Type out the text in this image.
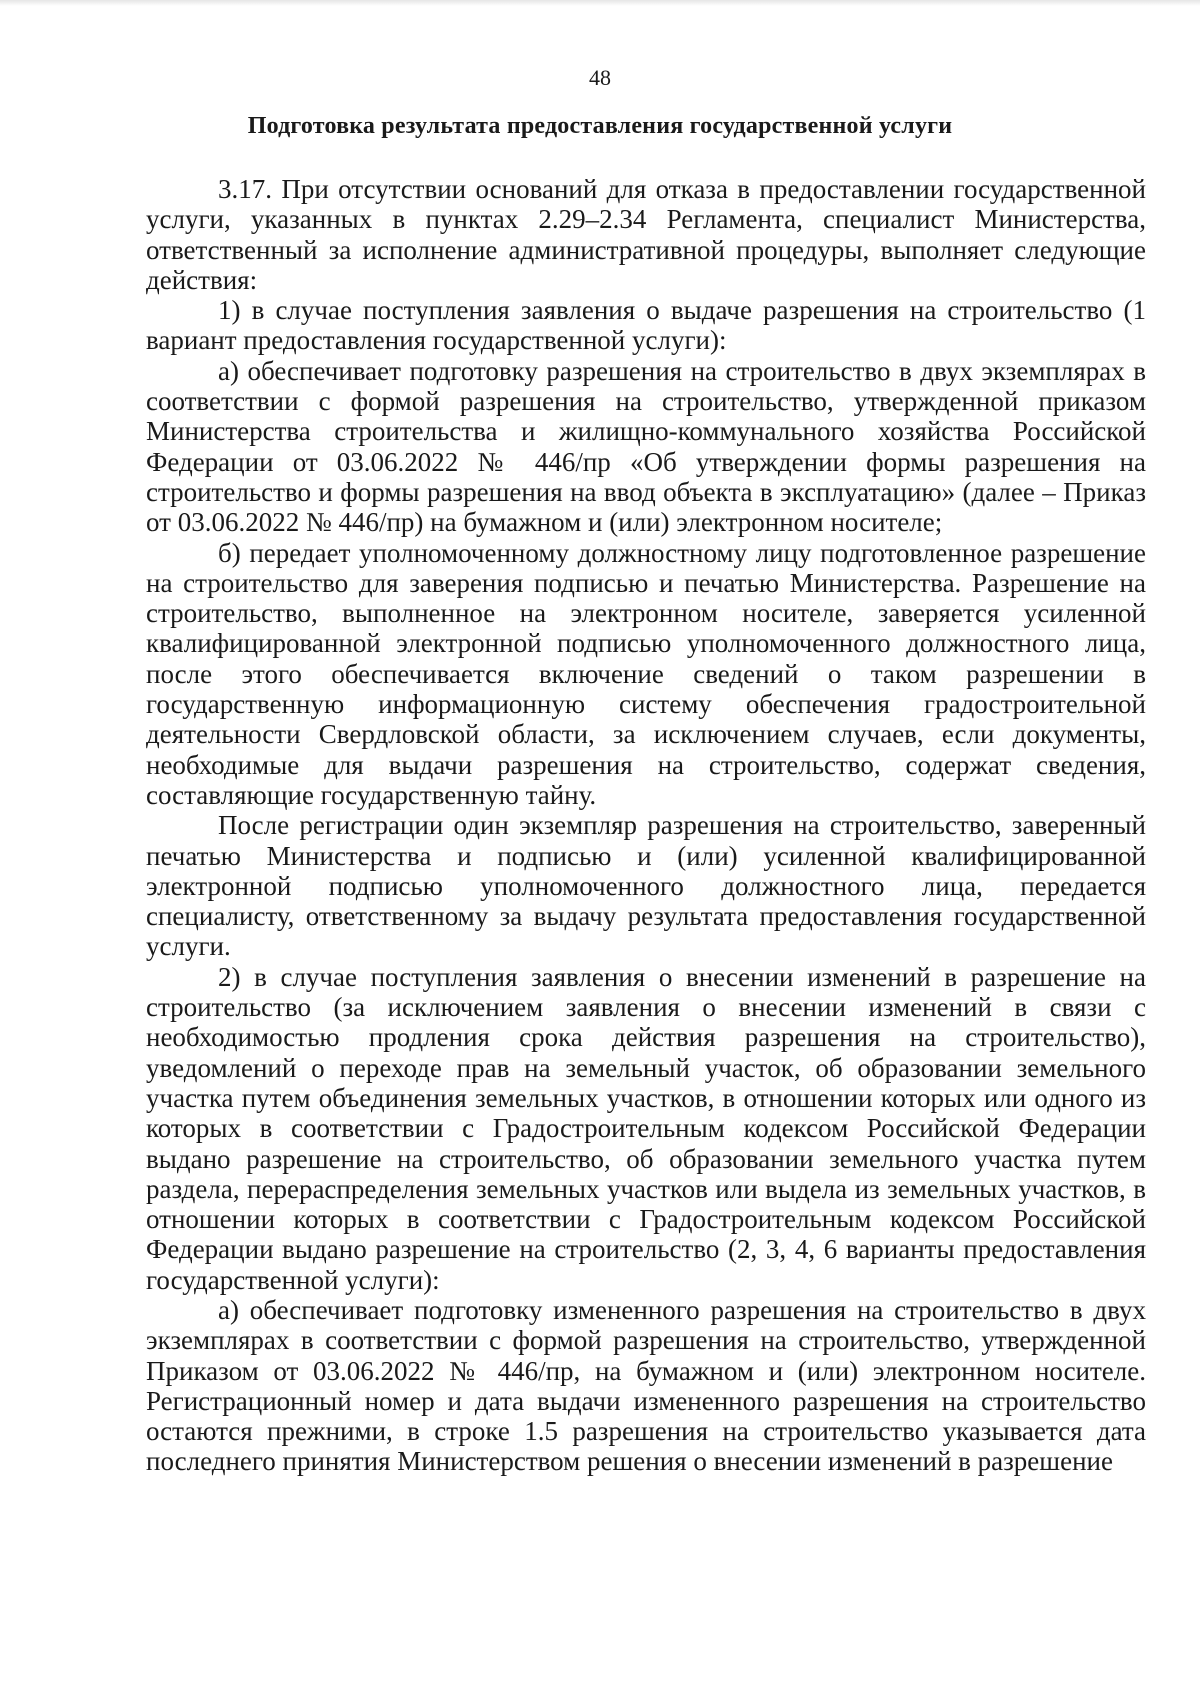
48
Подготовка результата предоставления государственной услуги

3.17. При отсутствии оснований для отказа в предоставлении государственной услуги, указанных в пунктах 2.29–2.34 Регламента, специалист Министерства, ответственный за исполнение административной процедуры, выполняет следующие действия:

1) в случае поступления заявления о выдаче разрешения на строительство (1 вариант предоставления государственной услуги):

а) обеспечивает подготовку разрешения на строительство в двух экземплярах в соответствии с формой разрешения на строительство, утвержденной приказом Министерства строительства и жилищно-коммунального хозяйства Российской Федерации от 03.06.2022 № 446/пр «Об утверждении формы разрешения на строительство и формы разрешения на ввод объекта в эксплуатацию» (далее – Приказ от 03.06.2022 № 446/пр) на бумажном и (или) электронном носителе;

б) передает уполномоченному должностному лицу подготовленное разрешение на строительство для заверения подписью и печатью Министерства. Разрешение на строительство, выполненное на электронном носителе, заверяется усиленной квалифицированной электронной подписью уполномоченного должностного лица, после этого обеспечивается включение сведений о таком разрешении в государственную информационную систему обеспечения градостроительной деятельности Свердловской области, за исключением случаев, если документы, необходимые для выдачи разрешения на строительство, содержат сведения, составляющие государственную тайну.

После регистрации один экземпляр разрешения на строительство, заверенный печатью Министерства и подписью и (или) усиленной квалифицированной электронной подписью уполномоченного должностного лица, передается специалисту, ответственному за выдачу результата предоставления государственной услуги.

2) в случае поступления заявления о внесении изменений в разрешение на строительство (за исключением заявления о внесении изменений в связи с необходимостью продления срока действия разрешения на строительство), уведомлений о переходе прав на земельный участок, об образовании земельного участка путем объединения земельных участков, в отношении которых или одного из которых в соответствии с Градостроительным кодексом Российской Федерации выдано разрешение на строительство, об образовании земельного участка путем раздела, перераспределения земельных участков или выдела из земельных участков, в отношении которых в соответствии с Градостроительным кодексом Российской Федерации выдано разрешение на строительство (2, 3, 4, 6 варианты предоставления государственной услуги):

а) обеспечивает подготовку измененного разрешения на строительство в двух экземплярах в соответствии с формой разрешения на строительство, утвержденной Приказом от 03.06.2022 № 446/пр, на бумажном и (или) электронном носителе. Регистрационный номер и дата выдачи измененного разрешения на строительство остаются прежними, в строке 1.5 разрешения на строительство указывается дата последнего принятия Министерством решения о внесении изменений в разрешение
